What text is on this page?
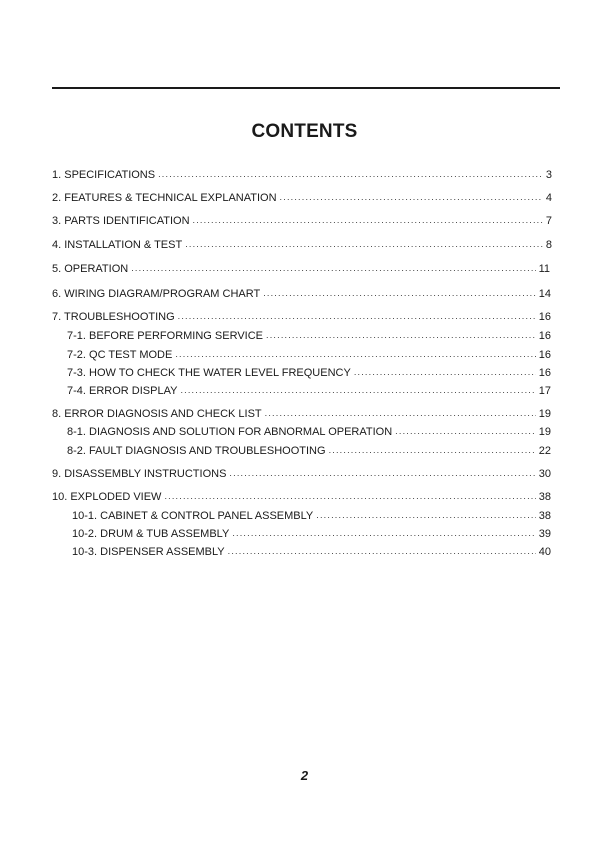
CONTENTS
1. SPECIFICATIONS .....	3
2. FEATURES & TECHNICAL EXPLANATION .....	4
3. PARTS IDENTIFICATION .....	7
4. INSTALLATION & TEST .....	8
5. OPERATION .....	11
6. WIRING DIAGRAM/PROGRAM CHART .....	14
7. TROUBLESHOOTING .....	16
7-1. BEFORE PERFORMING SERVICE .....	16
7-2. QC TEST MODE .....	16
7-3. HOW TO CHECK THE WATER LEVEL FREQUENCY .....	16
7-4. ERROR DISPLAY .....	17
8. ERROR DIAGNOSIS AND CHECK LIST .....	19
8-1. DIAGNOSIS AND SOLUTION FOR ABNORMAL OPERATION .....	19
8-2. FAULT DIAGNOSIS AND TROUBLESHOOTING .....	22
9. DISASSEMBLY INSTRUCTIONS .....	30
10. EXPLODED VIEW .....	38
10-1. CABINET & CONTROL PANEL ASSEMBLY .....	38
10-2. DRUM & TUB ASSEMBLY .....	39
10-3. DISPENSER ASSEMBLY .....	40
2
